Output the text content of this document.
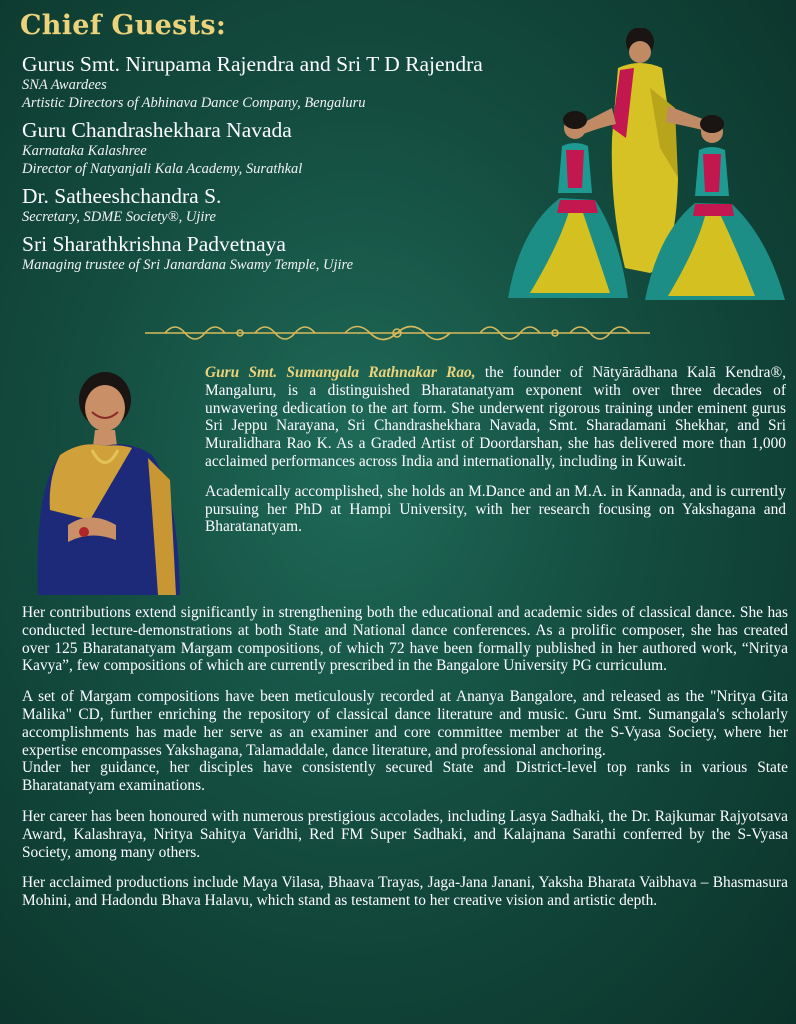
Chief Guests:
Gurus Smt. Nirupama Rajendra and Sri T D Rajendra
SNA Awardees
Artistic Directors of Abhinava Dance Company, Bengaluru
Guru Chandrashekhara Navada
Karnataka Kalashree
Director of Natyanjali Kala Academy, Surathkal
Dr. Satheeshchandra S.
Secretary, SDME Society®, Ujire
Sri Sharathkrishna Padvetnaya
Managing trustee of Sri Janardana Swamy Temple, Ujire

Guru Smt. Sumangala Rathnakar Rao, the founder of Nātyārādhana Kalā Kendra®, Mangaluru, is a distinguished Bharatanatyam exponent with over three decades of unwavering dedication to the art form. She underwent rigorous training under eminent gurus Sri Jeppu Narayana, Sri Chandrashekhara Navada, Smt. Sharadamani Shekhar, and Sri Muralidhara Rao K. As a Graded Artist of Doordarshan, she has delivered more than 1,000 acclaimed performances across India and internationally, including in Kuwait.

Academically accomplished, she holds an M.Dance and an M.A. in Kannada, and is currently pursuing her PhD at Hampi University, with her research focusing on Yakshagana and Bharatanatyam.

Her contributions extend significantly in strengthening both the educational and academic sides of classical dance. She has conducted lecture-demonstrations at both State and National dance conferences. As a prolific composer, she has created over 125 Bharatanatyam Margam compositions, of which 72 have been formally published in her authored work, “Nritya Kavya”, few compositions of which are currently prescribed in the Bangalore University PG curriculum.

A set of Margam compositions have been meticulously recorded at Ananya Bangalore, and released as the "Nritya Gita Malika" CD, further enriching the repository of classical dance literature and music. Guru Smt. Sumangala's scholarly accomplishments has made her serve as an examiner and core committee member at the S-Vyasa Society, where her expertise encompasses Yakshagana, Talamaddale, dance literature, and professional anchoring.
Under her guidance, her disciples have consistently secured State and District-level top ranks in various State Bharatanatyam examinations.

Her career has been honoured with numerous prestigious accolades, including Lasya Sadhaki, the Dr. Rajkumar Rajyotsava Award, Kalashraya, Nritya Sahitya Varidhi, Red FM Super Sadhaki, and Kalajnana Sarathi conferred by the S-Vyasa Society, among many others.

Her acclaimed productions include Maya Vilasa, Bhaava Trayas, Jaga-Jana Janani, Yaksha Bharata Vaibhava – Bhasmasura Mohini, and Hadondu Bhava Halavu, which stand as testament to her creative vision and artistic depth.
